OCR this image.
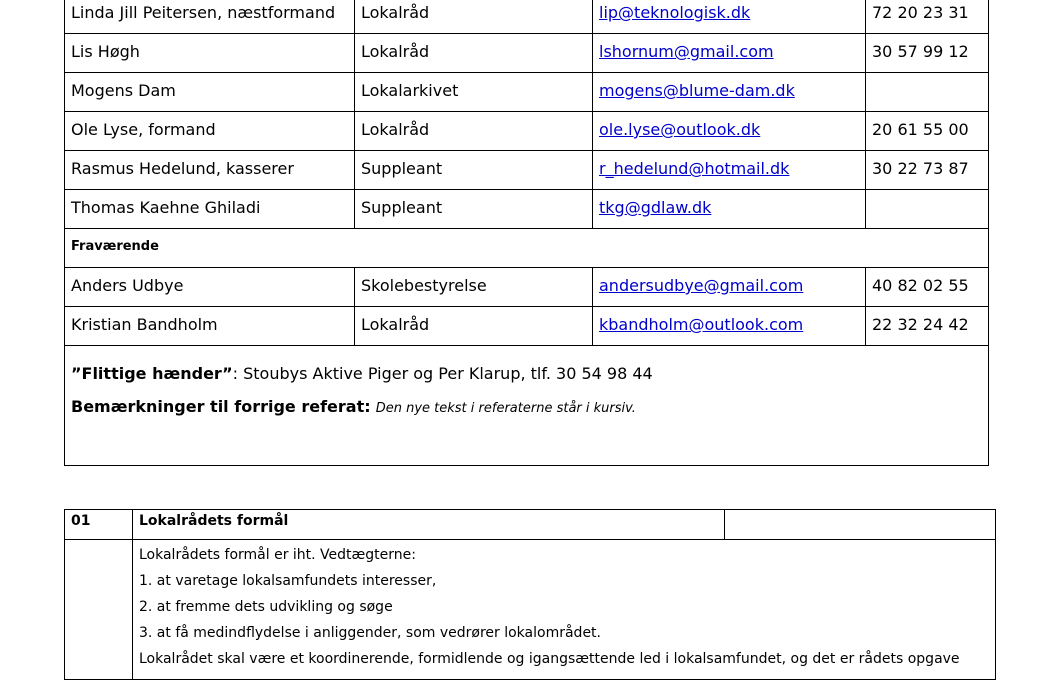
Linda Jill Peitersen, næstformand	Lokalråd	lip@teknologisk.dk	72 20 23 31
Lis Høgh	Lokalråd	lshornum@gmail.com	30 57 99 12
Mogens Dam	Lokalarkivet	mogens@blume-dam.dk	
Ole Lyse, formand	Lokalråd	ole.lyse@outlook.dk	20 61 55 00
Rasmus Hedelund, kasserer	Suppleant	r_hedelund@hotmail.dk	30 22 73 87
Thomas Kaehne Ghiladi	Suppleant	tkg@gdlaw.dk	
Fraværende			
Anders Udbye	Skolebestyrelse	andersudbye@gmail.com	40 82 02 55
Kristian Bandholm	Lokalråd	kbandholm@outlook.com	22 32 24 42

”Flittige hænder”: Stoubys Aktive Piger og Per Klarup, tlf. 30 54 98 44

Bemærkninger til forrige referat: Den nye tekst i referaterne står i kursiv.			

01	Lokalrådets formål	

	Lokalrådets formål er iht. Vedtægterne:
1. at varetage lokalsamfundets interesser,
2. at fremme dets udvikling og søge
3. at få medindflydelse i anliggender, som vedrører lokalområdet.
Lokalrådet skal være et koordinerende, formidlende og igangsættende led i lokalsamfundet, og det er rådets opgave	
